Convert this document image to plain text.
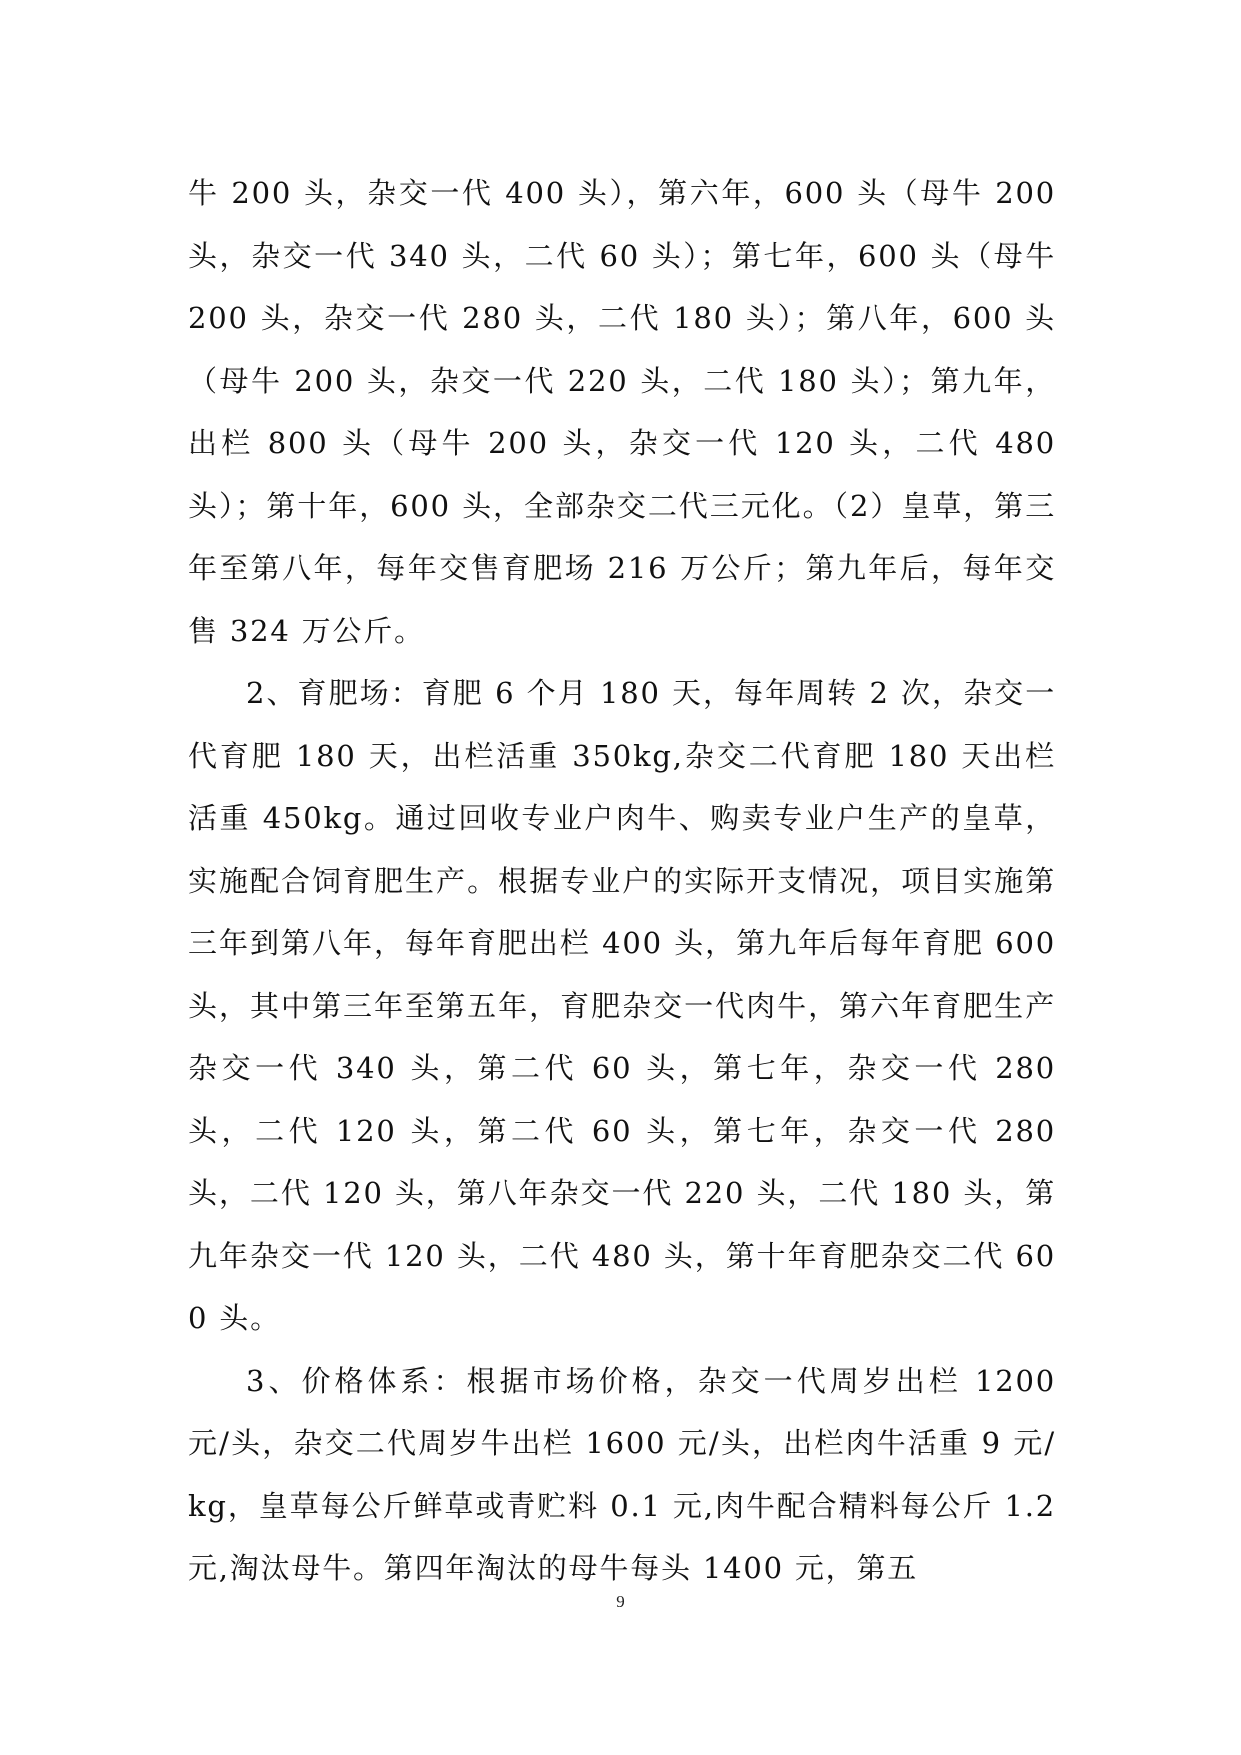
牛 200 头，杂交一代 400 头），第六年，600 头（母牛 200 头，杂交一代 340 头，二代 60 头）；第七年，600 头（母牛 200 头，杂交一代 280 头，二代 180 头）；第八年，600 头（母牛 200 头，杂交一代 220 头，二代 180 头）；第九年，出栏 800 头（母牛 200 头，杂交一代 120 头，二代 480 头）；第十年，600 头，全部杂交二代三元化。（2）皇草，第三年至第八年，每年交售育肥场 216 万公斤；第九年后，每年交售 324 万公斤。

2、育肥场：育肥 6 个月 180 天，每年周转 2 次，杂交一代育肥 180 天，出栏活重 350kg,杂交二代育肥 180 天出栏活重 450kg。通过回收专业户肉牛、购卖专业户生产的皇草，实施配合饲育肥生产。根据专业户的实际开支情况，项目实施第三年到第八年，每年育肥出栏 400 头，第九年后每年育肥 600 头，其中第三年至第五年，育肥杂交一代肉牛，第六年育肥生产杂交一代 340 头，第二代 60 头，第七年，杂交一代 280 头，二代 120 头，第二代 60 头，第七年，杂交一代 280 头，二代 120 头，第八年杂交一代 220 头，二代 180 头，第九年杂交一代 120 头，二代 480 头，第十年育肥杂交二代 600 头。

3、价格体系：根据市场价格，杂交一代周岁出栏 1200 元/头，杂交二代周岁牛出栏 1600 元/头，出栏肉牛活重 9 元/kg，皇草每公斤鲜草或青贮料 0.1 元,肉牛配合精料每公斤 1.2 元,淘汰母牛。第四年淘汰的母牛每头 1400 元，第五

9
